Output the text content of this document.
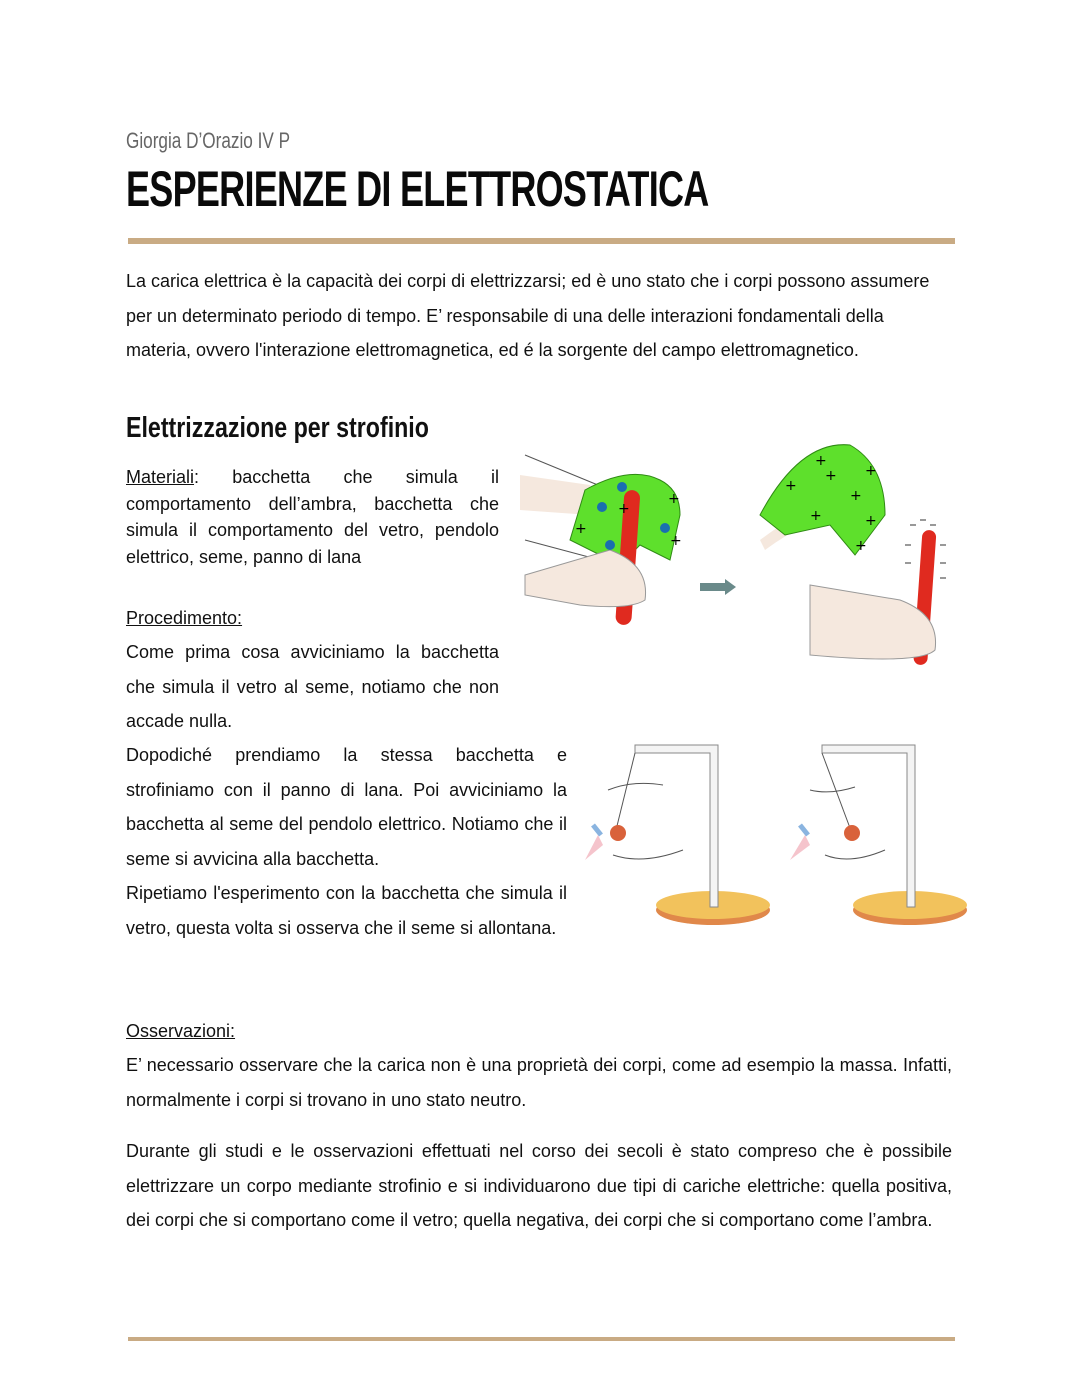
Giorgia D’Orazio IV P
ESPERIENZE DI ELETTROSTATICA
La carica elettrica è la capacità dei corpi di elettrizzarsi; ed è uno stato che i corpi possono assumere per un determinato periodo di tempo. E’ responsabile di una delle interazioni fondamentali della materia, ovvero l'interazione elettromagnetica, ed é la sorgente del campo elettromagnetico.
Elettrizzazione per strofinio
Materiali: bacchetta che simula il comportamento dell’ambra, bacchetta che simula il comportamento del vetro, pendolo elettrico, seme, panno di lana
Procedimento:
Come prima cosa avviciniamo la bacchetta che simula il vetro al seme, notiamo che non accade nulla.
Dopodiché prendiamo la stessa bacchetta e strofiniamo con il panno di lana. Poi avviciniamo la bacchetta al seme del pendolo elettrico. Notiamo che il seme si avvicina alla bacchetta.
Ripetiamo l'esperimento con la bacchetta che simula il vetro, questa volta si osserva che il seme si allontana.
Osservazioni:
E’ necessario osservare che la carica non è una proprietà dei corpi, come ad esempio la massa. Infatti, normalmente i corpi si trovano in uno stato neutro.
Durante gli studi e le osservazioni effettuati nel corso dei secoli è stato compreso che è possibile elettrizzare un corpo mediante strofinio e si individuarono due tipi di cariche elettriche: quella positiva, dei corpi che si comportano come il vetro; quella negativa, dei corpi che si comportano come l’ambra.
+
+
+
+
+
+
+ +
+
+	+
+
